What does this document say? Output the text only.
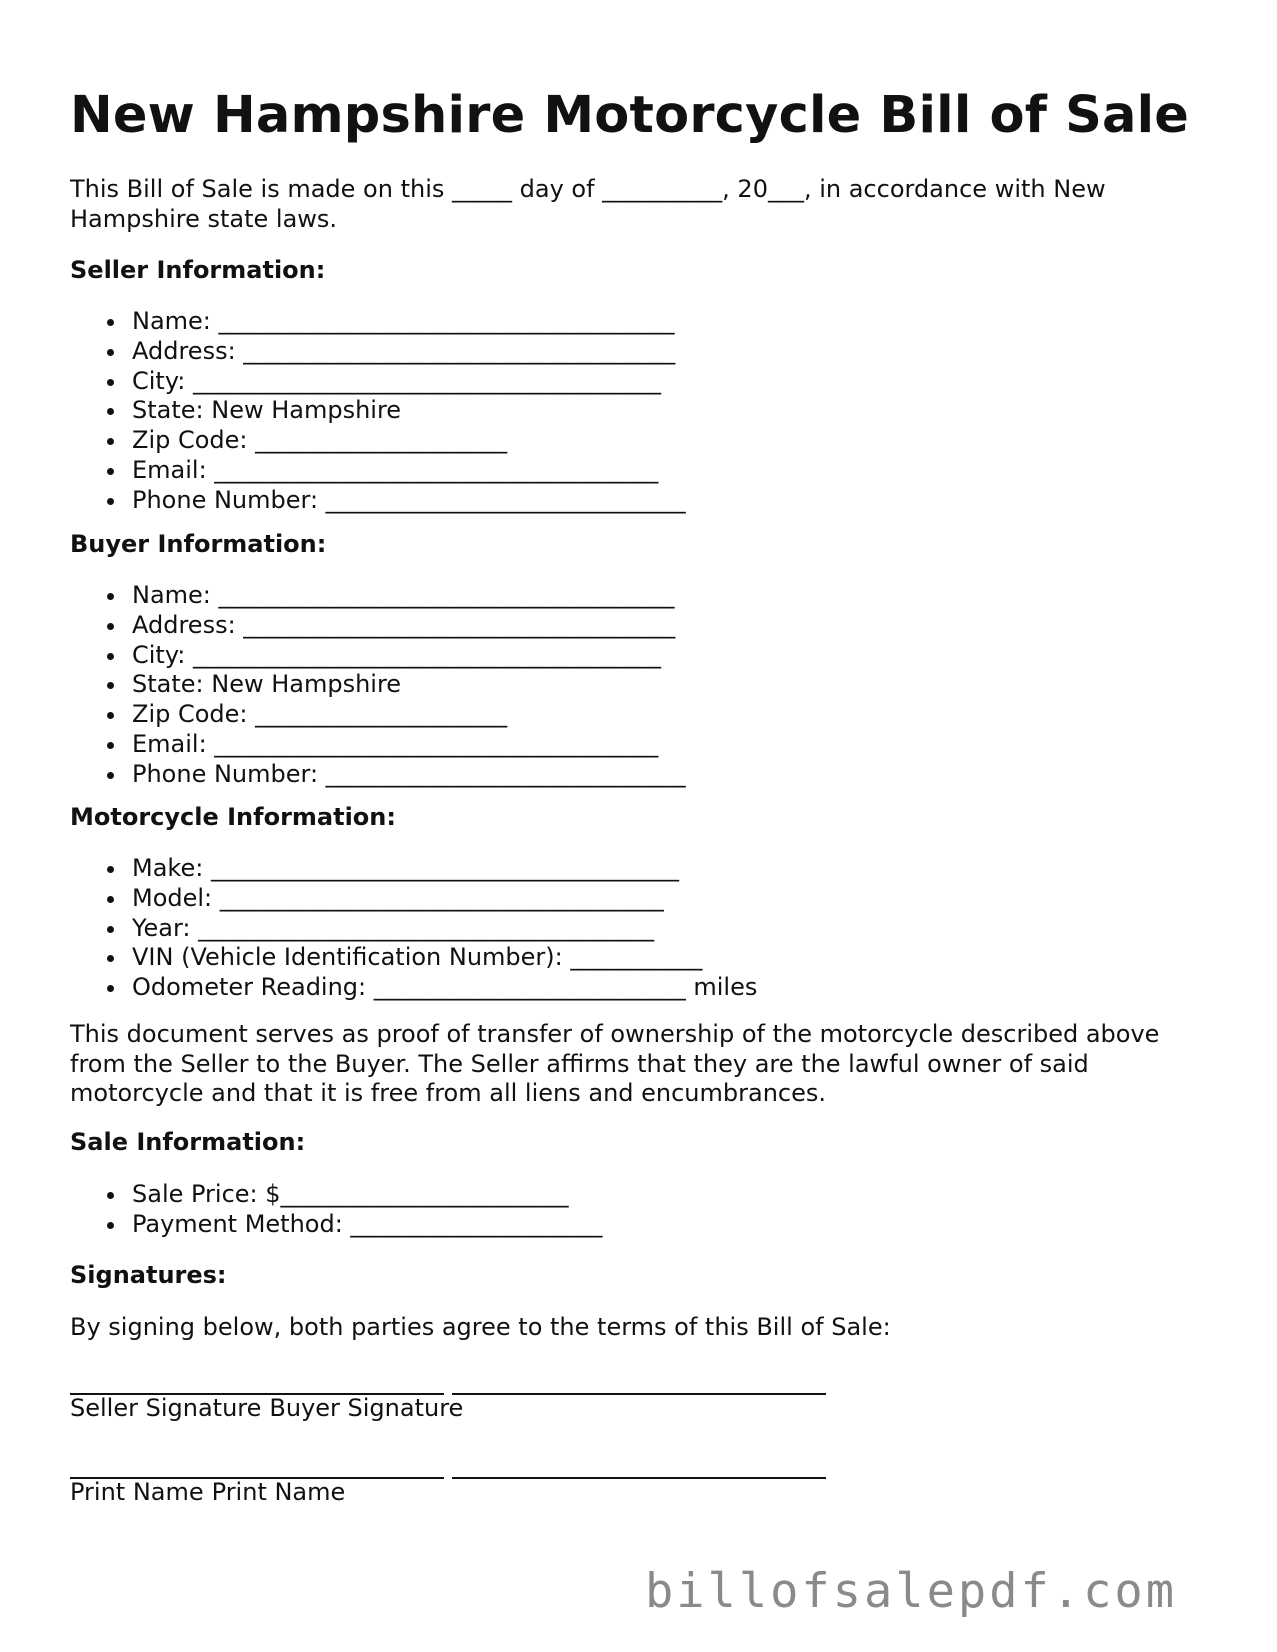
New Hampshire Motorcycle Bill of Sale

This Bill of Sale is made on this _____ day of __________, 20___, in accordance with New Hampshire state laws.

Seller Information:

Name: ______________________________________
Address: ____________________________________
City: _______________________________________
State: New Hampshire
Zip Code: _____________________
Email: _____________________________________
Phone Number: ______________________________

Buyer Information:

Name: ______________________________________
Address: ____________________________________
City: _______________________________________
State: New Hampshire
Zip Code: _____________________
Email: _____________________________________
Phone Number: ______________________________

Motorcycle Information:

Make: _______________________________________
Model: _____________________________________
Year: ______________________________________
VIN (Vehicle Identification Number): ___________
Odometer Reading: __________________________ miles

This document serves as proof of transfer of ownership of the motorcycle described above from the Seller to the Buyer. The Seller affirms that they are the lawful owner of said motorcycle and that it is free from all liens and encumbrances.

Sale Information:

Sale Price: $________________________
Payment Method: _____________________

Signatures:

By signing below, both parties agree to the terms of this Bill of Sale:

Seller Signature Buyer Signature

Print Name Print Name

billofsalepdf.com
